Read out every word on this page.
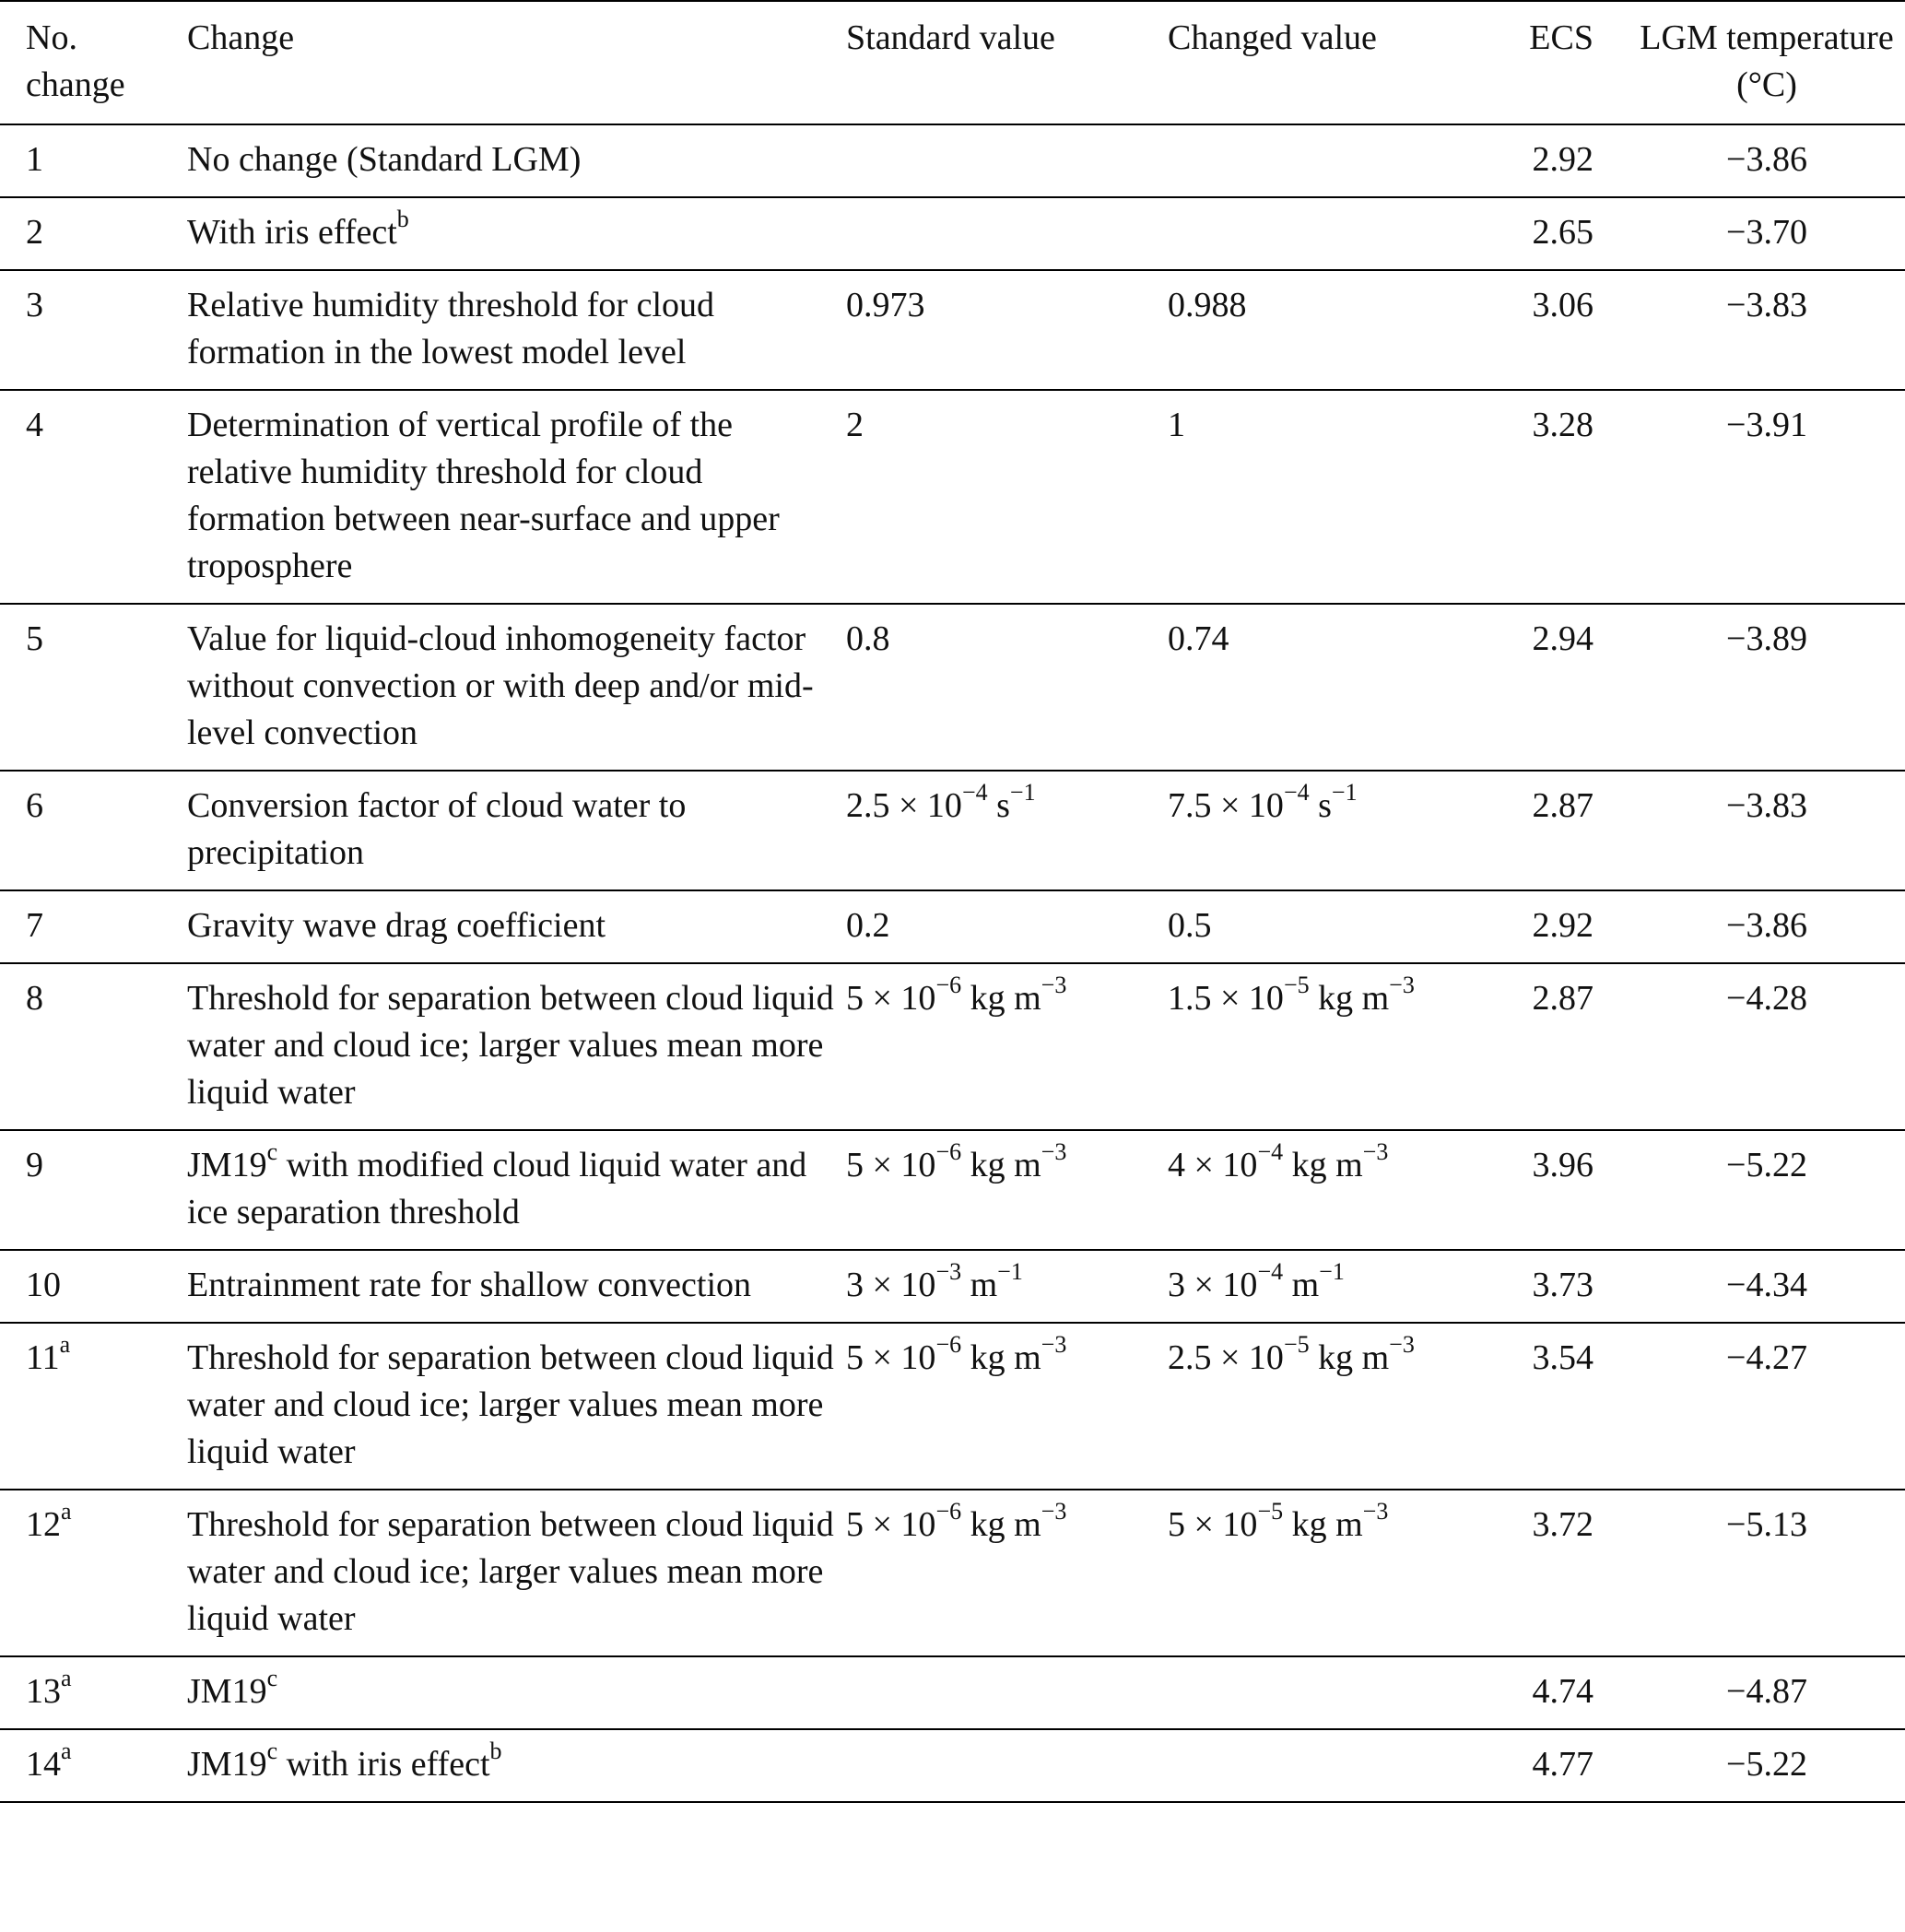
No. change	Change	Standard value	Changed value	ECS	LGM temperature (°C)
1	No change (Standard LGM)			2.92	−3.86
2	With iris effect$^b$			2.65	−3.70
3	Relative humidity threshold for cloud formation in the lowest model level	0.973	0.988	3.06	−3.83
4	Determination of vertical profile of the relative humidity threshold for cloud formation between near-surface and upper troposphere	2	1	3.28	−3.91
5	Value for liquid-cloud inhomogeneity factor without convection or with deep and/or mid-level convection	0.8	0.74	2.94	−3.89
6	Conversion factor of cloud water to precipitation	$2.5 \times 10^{-4}$ $s^{-1}$	$7.5 \times 10^{-4}$ $s^{-1}$	2.87	−3.83
7	Gravity wave drag coefficient	0.2	0.5	2.92	−3.86
8	Threshold for separation between cloud liquid water and cloud ice; larger values mean more liquid water	$5 \times 10^{-6}$ kg $m^{-3}$	$1.5 \times 10^{-5}$ kg $m^{-3}$	2.87	−4.28
9	JM19$^c$ with modified cloud liquid water and ice separation threshold	$5 \times 10^{-6}$ kg $m^{-3}$	$4 \times 10^{-4}$ kg $m^{-3}$	3.96	−5.22
10	Entrainment rate for shallow convection	$3 \times 10^{-3}$ $m^{-1}$	$3 \times 10^{-4}$ $m^{-1}$	3.73	−4.34
11$^a$	Threshold for separation between cloud liquid water and cloud ice; larger values mean more liquid water	$5 \times 10^{-6}$ kg $m^{-3}$	$2.5 \times 10^{-5}$ kg $m^{-3}$	3.54	−4.27
12$^a$	Threshold for separation between cloud liquid water and cloud ice; larger values mean more liquid water	$5 \times 10^{-6}$ kg $m^{-3}$	$5 \times 10^{-5}$ kg $m^{-3}$	3.72	−5.13
13$^a$	JM19$^c$			4.74	−4.87
14$^a$	JM19$^c$ with iris effect$^b$			4.77	−5.22
